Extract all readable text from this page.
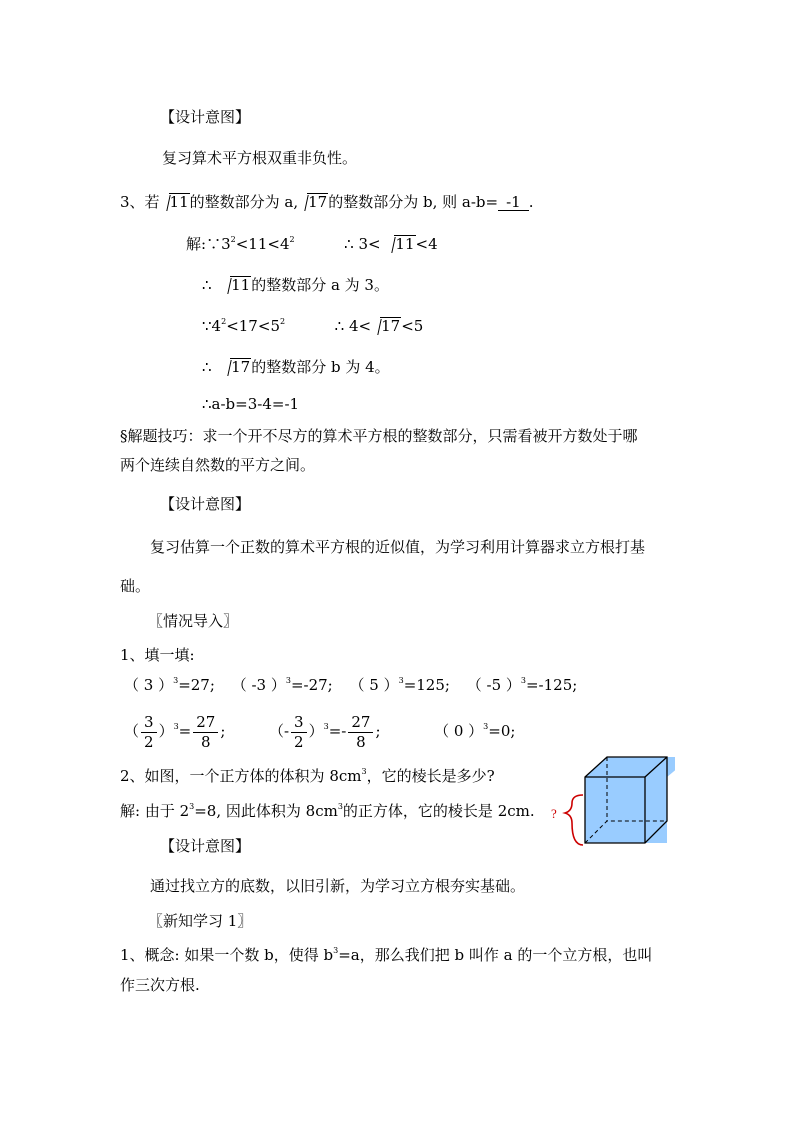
【设计意图】
复习算术平方根双重非负性。
3、若 11的整数部分为 a, 17的整数部分为 b, 则 a-b= -1 .
解$:\because 3^2<11<4^2$	∴ 3< 11<4
∴ 11的整数部分 a 为 3。
$\because 4^2<17<5^2$	∴ 4< 17<5
∴ 17的整数部分 b 为 4。
∴a-b=3-4=-1
§解题技巧：求一个开不尽方的算术平方根的整数部分，只需看被开方数处于哪
两个连续自然数的平方之间。
【设计意图】
复习估算一个正数的算术平方根的近似值，为学习利用计算器求立方根打基
础。
〖情况导入〗
1、填一填:
（ 3 ）$^3$=27; （ -3 ）$^3$=-27; （ 5 ）$^3$=125; （ -5 ）$^3$=-125;
（ $\frac{3}{2} )^3= \frac{27}{8}$ ;	（- $\frac{3}{2} )^3=- \frac{27}{8}$ ;	（ 0 ）$^3$=0;
2、如图，一个正方体的体积为 $8cm^3$，它的棱长是多少?
解: 由于 $2^3=8$, 因此体积为 $8cm^3$的正方体，它的棱长是 2cm. ?
【设计意图】
通过找立方的底数，以旧引新，为学习立方根夯实基础。
〖新知学习 1〗
1、概念: 如果一个数 b，使得 $b^3=a$，那么我们把 b 叫作 a 的一个立方根，也叫
作三次方根.
